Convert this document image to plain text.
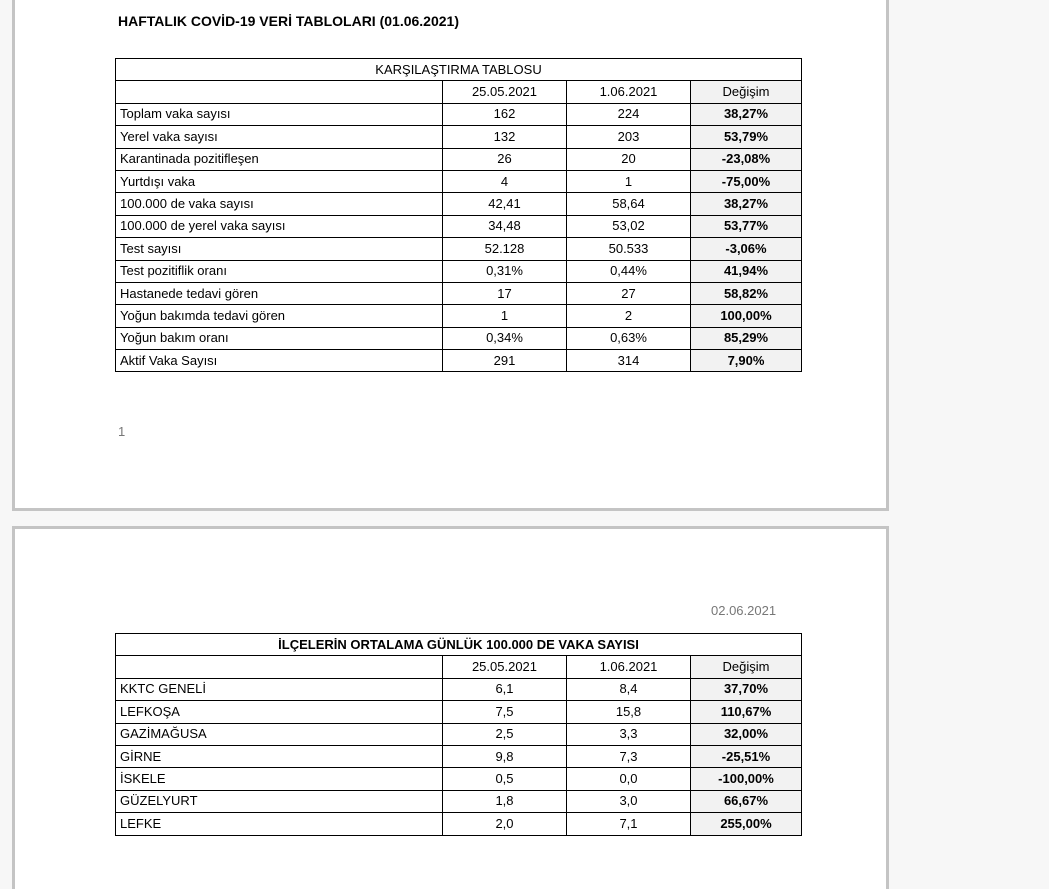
HAFTALIK COVİD-19 VERİ TABLOLARI (01.06.2021)
KARŞILAŞTIRMA TABLOSU			
	25.05.2021	1.06.2021	Değişim
Toplam vaka sayısı	162	224	38,27%
Yerel vaka sayısı	132	203	53,79%
Karantinada pozitifleşen	26	20	-23,08%
Yurtdışı vaka	4	1	-75,00%
100.000 de vaka sayısı	42,41	58,64	38,27%
100.000 de yerel vaka sayısı	34,48	53,02	53,77%
Test sayısı	52.128	50.533	-3,06%
Test pozitiflik oranı	0,31%	0,44%	41,94%
Hastanede tedavi gören	17	27	58,82%
Yoğun bakımda tedavi gören	1	2	100,00%
Yoğun bakım oranı	0,34%	0,63%	85,29%
Aktif Vaka Sayısı	291	314	7,90%
1
02.06.2021
İLÇELERİN ORTALAMA GÜNLÜK 100.000 DE VAKA SAYISI			
	25.05.2021	1.06.2021	Değişim
KKTC GENELİ	6,1	8,4	37,70%
LEFKOŞA	7,5	15,8	110,67%
GAZİMAĞUSA	2,5	3,3	32,00%
GİRNE	9,8	7,3	-25,51%
İSKELE	0,5	0,0	-100,00%
GÜZELYURT	1,8	3,0	66,67%
LEFKE	2,0	7,1	255,00%
